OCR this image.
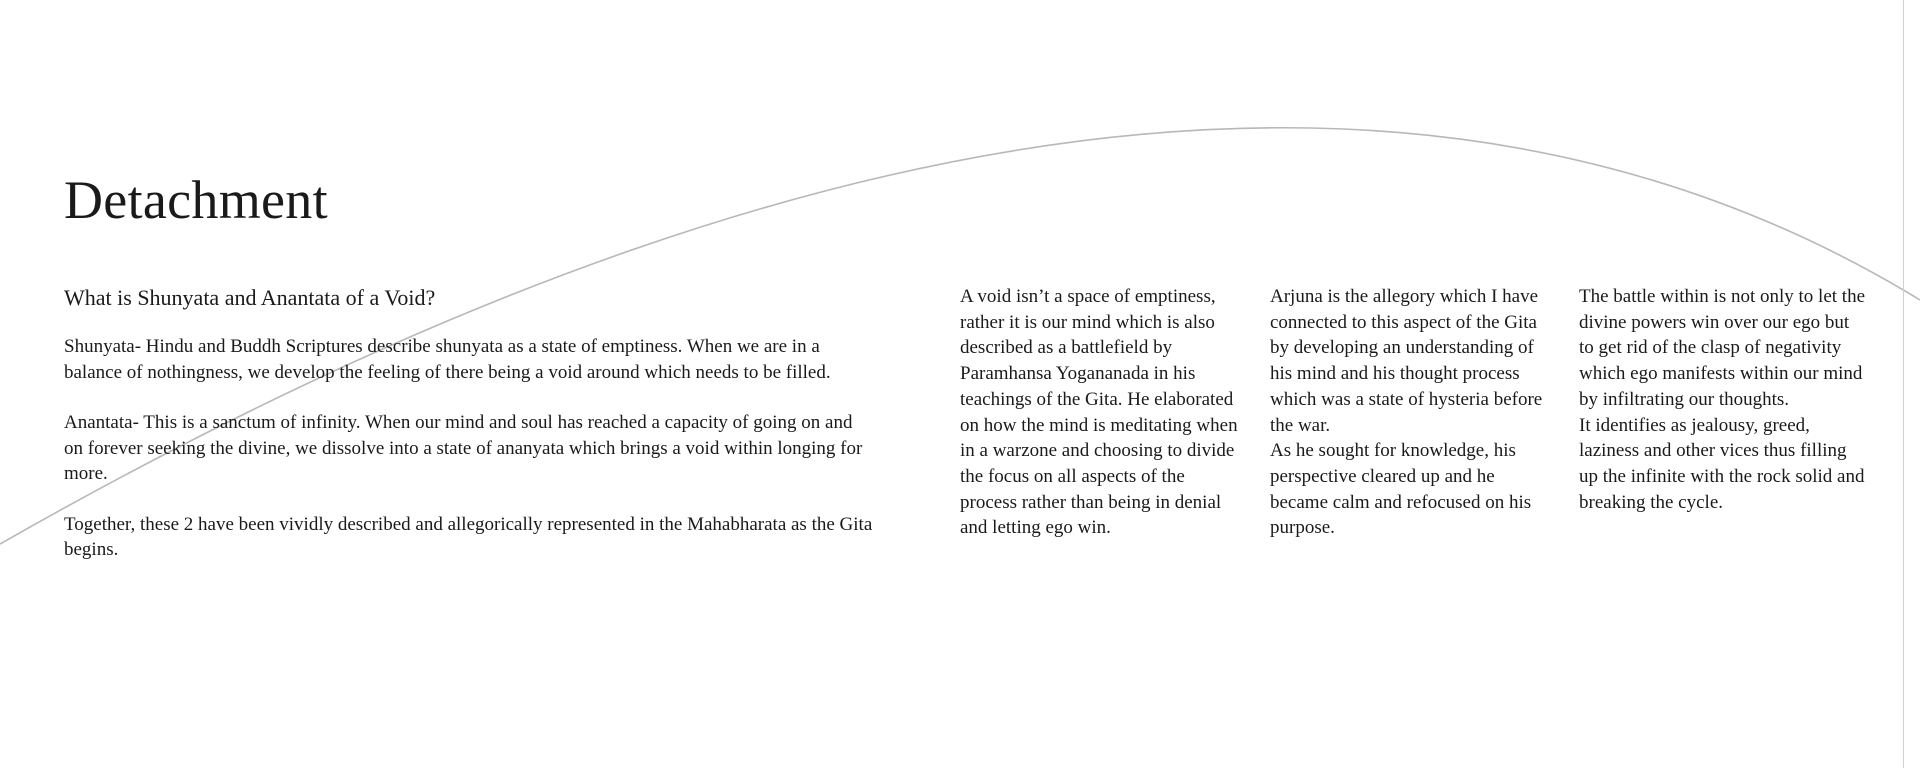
Detachment
What is Shunyata and Anantata of a Void?

Shunyata- Hindu and Buddh Scriptures describe shunyata as a state of emptiness. When we are in a balance of nothingness, we develop the feeling of there being a void around which needs to be filled.

Anantata- This is a sanctum of infinity. When our mind and soul has reached a capacity of going on and on forever seeking the divine, we dissolve into a state of ananyata which brings a void within longing for more.

Together, these 2 have been vividly described and allegorically represented in the Mahabharata as the Gita begins.

A void isn’t a space of emptiness, rather it is our mind which is also described as a battlefield by Paramhansa Yogananada in his teachings of the Gita. He elaborated on how the mind is meditating when in a warzone and choosing to divide the focus on all aspects of the process rather than being in denial and letting ego win.

Arjuna is the allegory which I have connected to this aspect of the Gita by developing an understanding of his mind and his thought process which was a state of hysteria before the war.
As he sought for knowledge, his perspective cleared up and he became calm and refocused on his purpose.

The battle within is not only to let the divine powers win over our ego but to get rid of the clasp of negativity which ego manifests within our mind by infiltrating our thoughts.
It identifies as jealousy, greed, laziness and other vices thus filling up the infinite with the rock solid and breaking the cycle.
